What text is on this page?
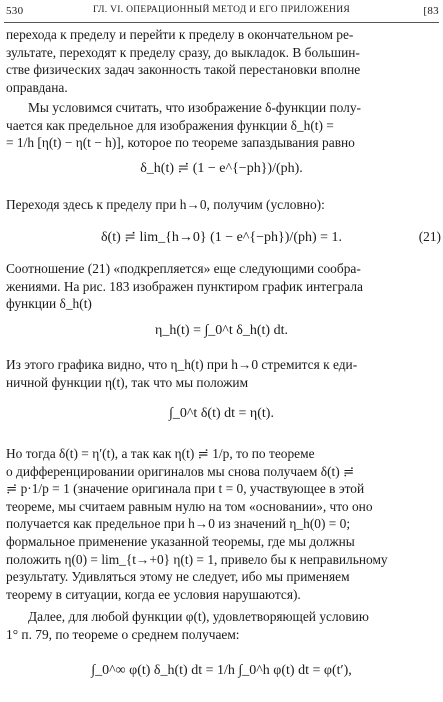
530	ГЛ. VI. ОПЕРАЦИОННЫЙ МЕТОД И ЕГО ПРИЛОЖЕНИЯ	[83
перехода к пределу и перейти к пределу в окончательном ре-
зультате, переходят к пределу сразу, до выкладок. В большин-
стве физических задач законность такой перестановки вполне
оправдана.
Мы условимся считать, что изображение δ-функции полу-
чается как предельное для изображения функции δ_h(t) =
= 1/h [η(t) − η(t − h)], которое по теореме запаздывания равно
δ_h(t) ≓ (1 − e^{−ph})/(ph).
Переходя здесь к пределу при h→0, получим (условно):
δ(t) ≓ lim_{h→0} (1 − e^{−ph})/(ph) = 1.	(21)
Соотношение (21) «подкрепляется» еще следующими сообра-
жениями. На рис. 183 изображен пунктиром график интеграла
функции δ_h(t)
η_h(t) = ∫_0^t δ_h(t) dt.
Из этого графика видно, что η_h(t) при h→0 стремится к еди-
ничной функции η(t), так что мы положим
∫_0^t δ(t) dt = η(t).
Но тогда δ(t) = η′(t), а так как η(t) ≓ 1/p, то по теореме
о дифференцировании оригиналов мы снова получаем δ(t) ≓
≓ p·1/p = 1 (значение оригинала при t = 0, участвующее в этой
теореме, мы считаем равным нулю на том «основании», что оно
получается как предельное при h→0 из значений η_h(0) = 0;
формальное применение указанной теоремы, где мы должны
положить η(0) = lim_{t→+0} η(t) = 1, привело бы к неправильному
результату. Удивляться этому не следует, ибо мы применяем
теорему в ситуации, когда ее условия нарушаются).
Далее, для любой функции φ(t), удовлетворяющей условию
1° п. 79, по теореме о среднем получаем:
∫_0^∞ φ(t) δ_h(t) dt = 1/h ∫_0^h φ(t) dt = φ(t′),
